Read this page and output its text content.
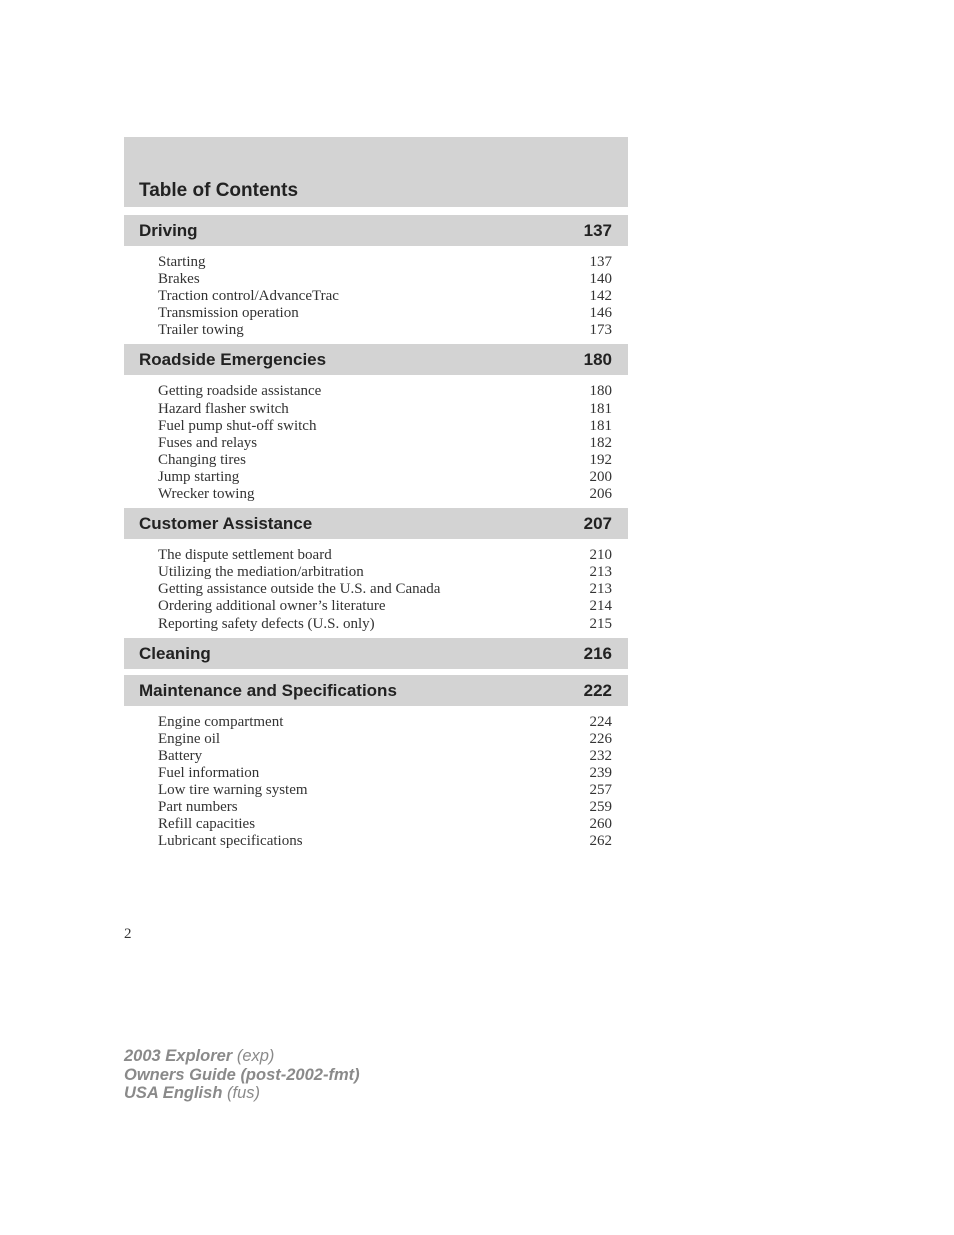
Table of Contents
Driving	137
Starting	137
Brakes	140
Traction control/AdvanceTrac	142
Transmission operation	146
Trailer towing	173
Roadside Emergencies	180
Getting roadside assistance	180
Hazard flasher switch	181
Fuel pump shut-off switch	181
Fuses and relays	182
Changing tires	192
Jump starting	200
Wrecker towing	206
Customer Assistance	207
The dispute settlement board	210
Utilizing the mediation/arbitration	213
Getting assistance outside the U.S. and Canada	213
Ordering additional owner’s literature	214
Reporting safety defects (U.S. only)	215
Cleaning	216
Maintenance and Specifications	222
Engine compartment	224
Engine oil	226
Battery	232
Fuel information	239
Low tire warning system	257
Part numbers	259
Refill capacities	260
Lubricant specifications	262
2
2003 Explorer (exp)
Owners Guide (post-2002-fmt)
USA English (fus)
